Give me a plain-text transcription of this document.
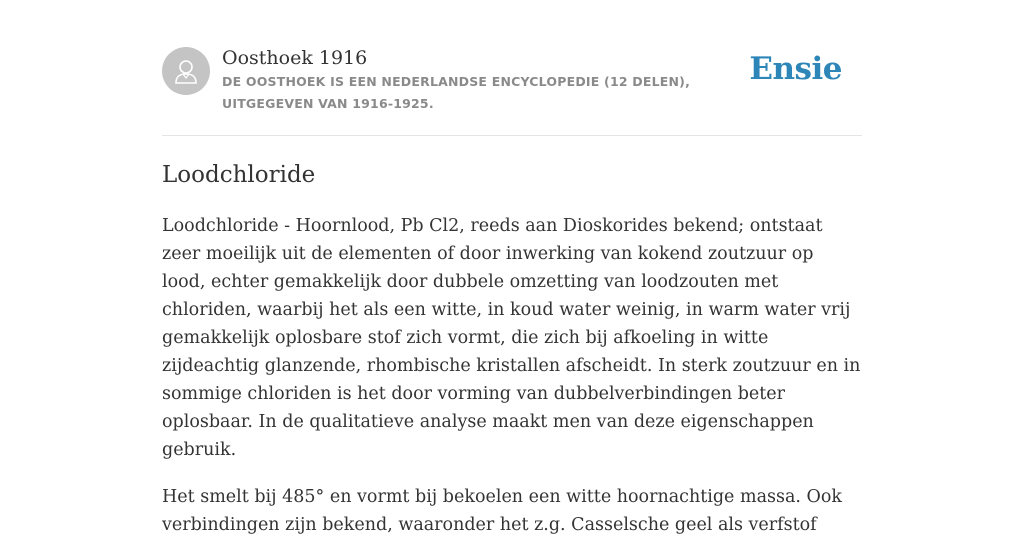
Oosthoek 1916
DE OOSTHOEK IS EEN NEDERLANDSE ENCYCLOPEDIE (12 DELEN), UITGEGEVEN VAN 1916-1925.
Ensie
Loodchloride

Loodchloride - Hoornlood, Pb Cl2, reeds aan Dioskorides bekend; ontstaat zeer moeilijk uit de elementen of door inwerking van kokend zoutzuur op lood, echter gemakkelijk door dubbele omzetting van loodzouten met chloriden, waarbij het als een witte, in koud water weinig, in warm water vrij gemakkelijk oplosbare stof zich vormt, die zich bij afkoeling in witte zijdeachtig glanzende, rhombische kristallen afscheidt. In sterk zoutzuur en in sommige chloriden is het door vorming van dubbelverbindingen beter oplosbaar. In de qualitatieve analyse maakt men van deze eigenschappen gebruik.

Het smelt bij 485° en vormt bij bekoelen een witte hoornachtige massa. Ook verbindingen zijn bekend, waaronder het z.g. Casselsche geel als verfstof
